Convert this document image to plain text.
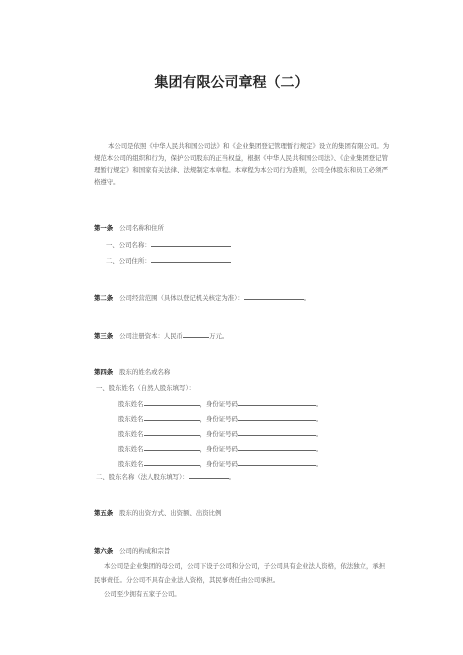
集团有限公司章程（二）
本公司是依照《中华人民共和国公司法》和《企业集团登记管理暂行规定》设立的集团有限公司。为
规范本公司的组织和行为，保护公司股东的正当权益，根据《中华人民共和国公司法》、《企业集团登记管
理暂行规定》和国家有关法律、法规制定本章程。本章程为本公司行为准则，公司全体股东和员工必须严
格遵守。
第一条 公司名称和住所
一、公司名称：
二、公司住所：
第二条 公司经营范围（具体以登记机关核定为准）：	。
第三条 公司注册资本：人民币	万元。
第四条 股东的姓名或名称
一、股东姓名（自然人股东填写）：
股东姓名	，身份证号码	。
股东姓名	，身份证号码	。
股东姓名	，身份证号码	。
股东姓名	，身份证号码	。
股东姓名	，身份证号码	。
二、股东名称（法人股东填写）：	。
第五条 股东的出资方式、出资额、出资比例
第六条 公司的构成和宗旨
本公司是企业集团的母公司，公司下设子公司和分公司，子公司具有企业法人资格，依法独立，承担
民事责任。分公司不具有企业法人资格，其民事责任由公司承担。
公司至少拥有五家子公司。
